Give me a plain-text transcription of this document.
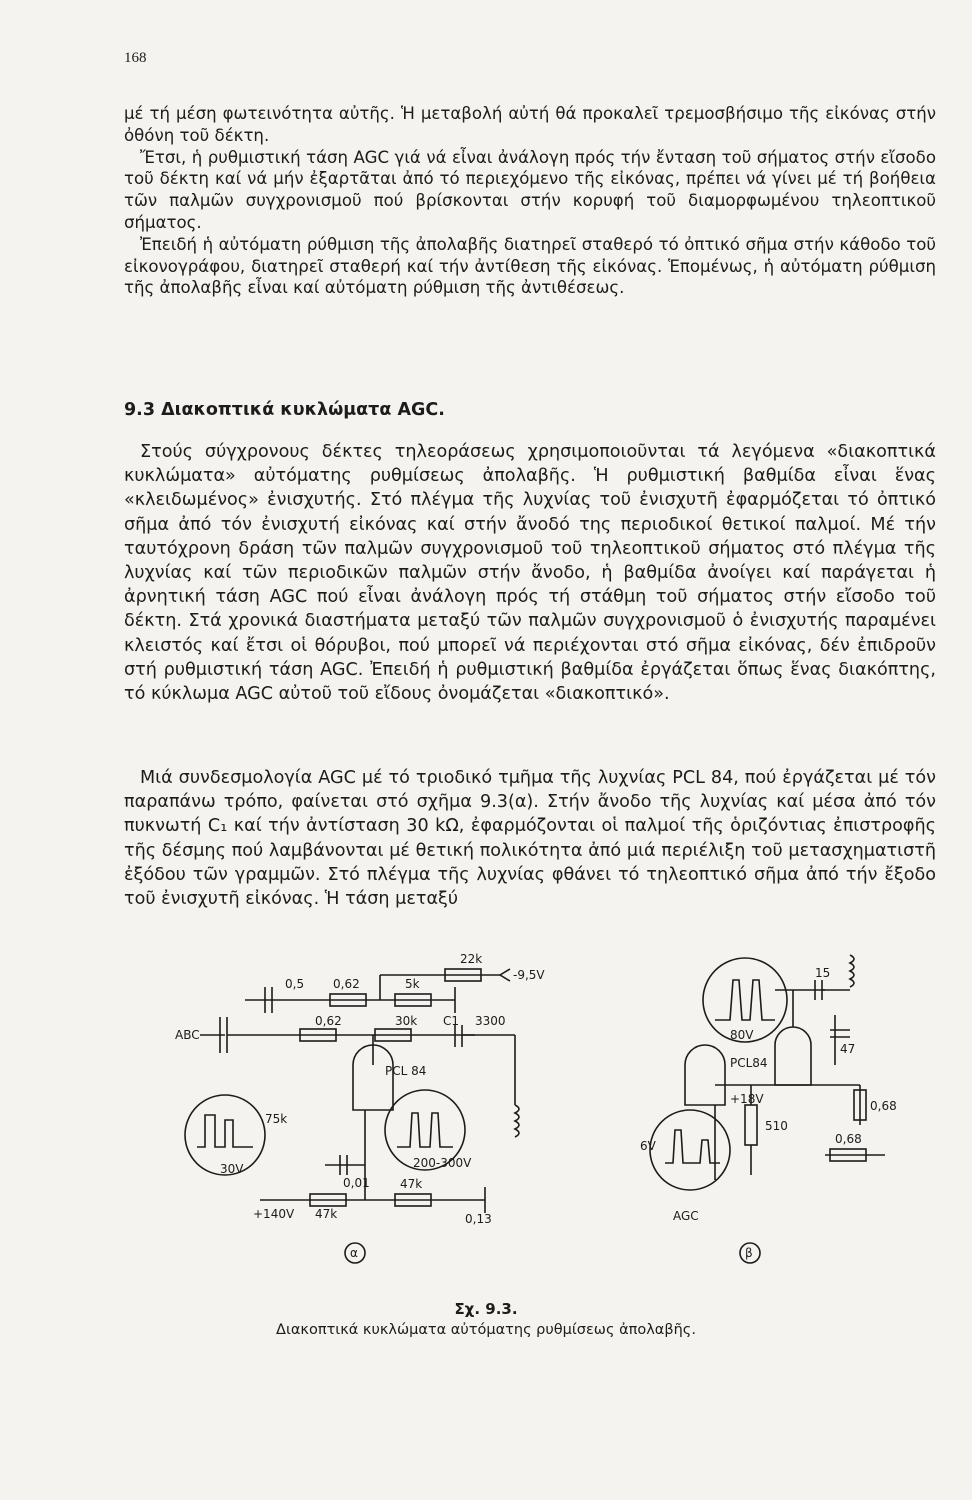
168

μέ τή μέση φωτεινότητα αὐτῆς. Ἡ μεταβολή αὐτή θά προκαλεῖ τρεμοσβήσιμο τῆς εἰκόνας στήν ὀθόνη τοῦ δέκτη.

Ἔτσι, ἡ ρυθμιστική τάση AGC γιά νά εἶναι ἀνάλογη πρός τήν ἔνταση τοῦ σήματος στήν εἴσοδο τοῦ δέκτη καί νά μήν ἐξαρτᾶται ἀπό τό περιεχόμενο τῆς εἰκόνας, πρέπει νά γίνει μέ τή βοήθεια τῶν παλμῶν συγχρονισμοῦ πού βρίσκονται στήν κορυφή τοῦ διαμορφωμένου τηλεοπτικοῦ σήματος.

Ἐπειδή ἡ αὐτόματη ρύθμιση τῆς ἀπολαβῆς διατηρεῖ σταθερό τό ὀπτικό σῆμα στήν κάθοδο τοῦ εἰκονογράφου, διατηρεῖ σταθερή καί τήν ἀντίθεση τῆς εἰκόνας. Ἑπομένως, ἡ αὐτόματη ρύθμιση τῆς ἀπολαβῆς εἶναι καί αὐτόματη ρύθμιση τῆς ἀντιθέσεως.

9.3 Διακοπτικά κυκλώματα AGC.

Στούς σύγχρονους δέκτες τηλεοράσεως χρησιμοποιοῦνται τά λεγόμενα «διακοπτικά κυκλώματα» αὐτόματης ρυθμίσεως ἀπολαβῆς. Ἡ ρυθμιστική βαθμίδα εἶναι ἕνας «κλειδωμένος» ἐνισχυτής. Στό πλέγμα τῆς λυχνίας τοῦ ἐνισχυτῆ ἐφαρμόζεται τό ὀπτικό σῆμα ἀπό τόν ἐνισχυτή εἰκόνας καί στήν ἄνοδό της περιοδικοί θετικοί παλμοί. Μέ τήν ταυτόχρονη δράση τῶν παλμῶν συγχρονισμοῦ τοῦ τηλεοπτικοῦ σήματος στό πλέγμα τῆς λυχνίας καί τῶν περιοδικῶν παλμῶν στήν ἄνοδο, ἡ βαθμίδα ἀνοίγει καί παράγεται ἡ ἀρνητική τάση AGC πού εἶναι ἀνάλογη πρός τή στάθμη τοῦ σήματος στήν εἴσοδο τοῦ δέκτη. Στά χρονικά διαστήματα μεταξύ τῶν παλμῶν συγχρονισμοῦ ὁ ἐνισχυτής παραμένει κλειστός καί ἔτσι οἱ θόρυβοι, πού μπορεῖ νά περιέχονται στό σῆμα εἰκόνας, δέν ἐπιδροῦν στή ρυθμιστική τάση AGC. Ἐπειδή ἡ ρυθμιστική βαθμίδα ἐργάζεται ὅπως ἕνας διακόπτης, τό κύκλωμα AGC αὐτοῦ τοῦ εἴδους ὀνομάζεται «διακοπτικό».

Μιά συνδεσμολογία AGC μέ τό τριοδικό τμῆμα τῆς λυχνίας PCL 84, πού ἐργάζεται μέ τόν παραπάνω τρόπο, φαίνεται στό σχῆμα 9.3(α). Στήν ἄνοδο τῆς λυχνίας καί μέσα ἀπό τόν πυκνωτή C₁ καί τήν ἀντίσταση 30 kΩ, ἐφαρμόζονται οἱ παλμοί τῆς ὁριζόντιας ἐπιστροφῆς τῆς δέσμης πού λαμβάνονται μέ θετική πολικότητα ἀπό μιά περιέλιξη τοῦ μετασχηματιστῆ ἐξόδου τῶν γραμμῶν. Στό πλέγμα τῆς λυχνίας φθάνει τό τηλεοπτικό σῆμα ἀπό τήν ἔξοδο τοῦ ἐνισχυτῆ εἰκόνας. Ἡ τάση μεταξύ

22k
-9,5V
0,5 0,62	5k
ABC
0,62	30k C1 3300
PCL 84
75k
30V
0,01
200-300V
+140V 47k
47k
0,13
α
15
80V
47
PCL84
+18V	0,68
0,68
6V
510
AGC
β
Σχ. 9.3.
Διακοπτικά κυκλώματα αὐτόματης ρυθμίσεως ἀπολαβῆς.
